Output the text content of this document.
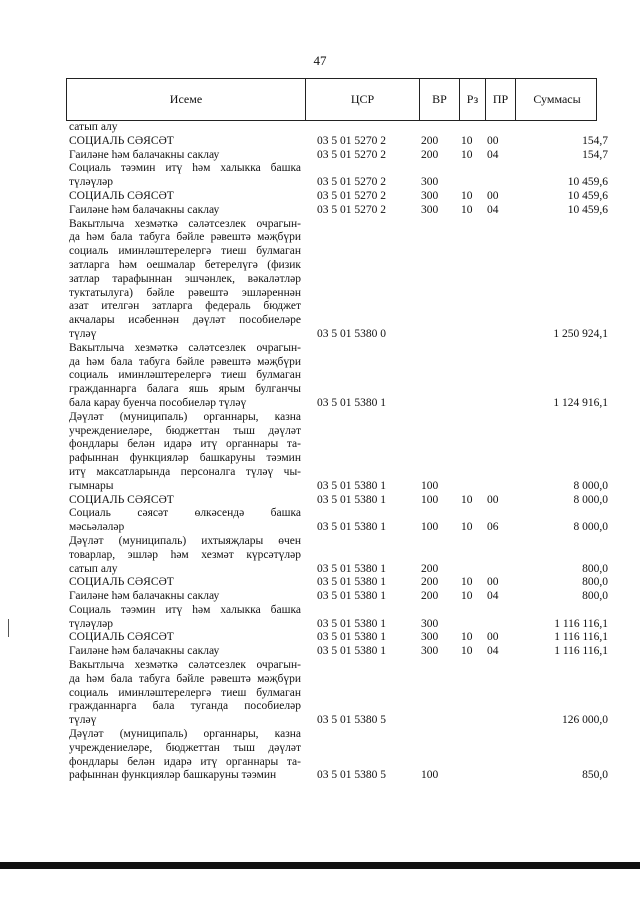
47
Исеме	ЦСР	ВР	Рз	ПР	Суммасы
сатып алу
СОЦИАЛЬ СӘЯСӘТ	03 5 01 5270 2	200	10	00	154,7
Гаиләне һәм балачакны саклау	03 5 01 5270 2	200	10	04	154,7
Социаль тәэмин итү һәм халыкка башка
түләүләр	03 5 01 5270 2	300	10 459,6
СОЦИАЛЬ СӘЯСӘТ	03 5 01 5270 2	300	10	00	10 459,6
Гаиләне һәм балачакны саклау	03 5 01 5270 2	300	10	04	10 459,6
Вакытлыча хезмәткә сәләтсезлек очрагын-
да һәм бала табуга бәйле рәвештә мәҗбүри
социаль иминләштерелергә тиеш булмаган
затларга һәм оешмалар бетерелүгә (физик
затлар тарафыннан эшчәнлек, вәкаләтләр
туктатылуга) бәйле рәвештә эшләреннән
азат ителгән затларга федераль бюджет
акчалары исәбеннән дәүләт пособиеләре
түләү	03 5 01 5380 0	1 250 924,1
Вакытлыча хезмәткә сәләтсезлек очрагын-
да һәм бала табуга бәйле рәвештә мәҗбүри
социаль иминләштерелергә тиеш булмаган
гражданнарга балага яшь ярым булганчы
бала карау буенча пособиеләр түләү	03 5 01 5380 1	1 124 916,1
Дәүләт (муниципаль) органнары, казна
учреждениеләре, бюджеттан тыш дәүләт
фондлары белән идарә итү органнары та-
рафыннан функцияләр башкаруны тәэмин
итү максатларында персоналга түләү чы-
гымнары	03 5 01 5380 1	100	8 000,0
СОЦИАЛЬ СӘЯСӘТ	03 5 01 5380 1	100	10	00	8 000,0
Социаль сәясәт өлкәсендә башка
мәсьәләләр	03 5 01 5380 1	100	10	06	8 000,0
Дәүләт (муниципаль) ихтыяҗлары өчен
товарлар, эшләр һәм хезмәт күрсәтүләр
сатып алу	03 5 01 5380 1	200	800,0
СОЦИАЛЬ СӘЯСӘТ	03 5 01 5380 1	200	10	00	800,0
Гаиләне һәм балачакны саклау	03 5 01 5380 1	200	10	04	800,0
Социаль тәэмин итү һәм халыкка башка
түләүләр	03 5 01 5380 1	300	1 116 116,1
СОЦИАЛЬ СӘЯСӘТ	03 5 01 5380 1	300	10	00	1 116 116,1
Гаиләне һәм балачакны саклау	03 5 01 5380 1	300	10	04	1 116 116,1
Вакытлыча хезмәткә сәләтсезлек очрагын-
да һәм бала табуга бәйле рәвештә мәҗбүри
социаль иминләштерелергә тиеш булмаган
гражданнарга бала туганда пособиеләр
түләү	03 5 01 5380 5	126 000,0
Дәүләт (муниципаль) органнары, казна
учреждениеләре, бюджеттан тыш дәүләт
фондлары белән идарә итү органнары та-
рафыннан функцияләр башкаруны тәэмин	03 5 01 5380 5	100	850,0
